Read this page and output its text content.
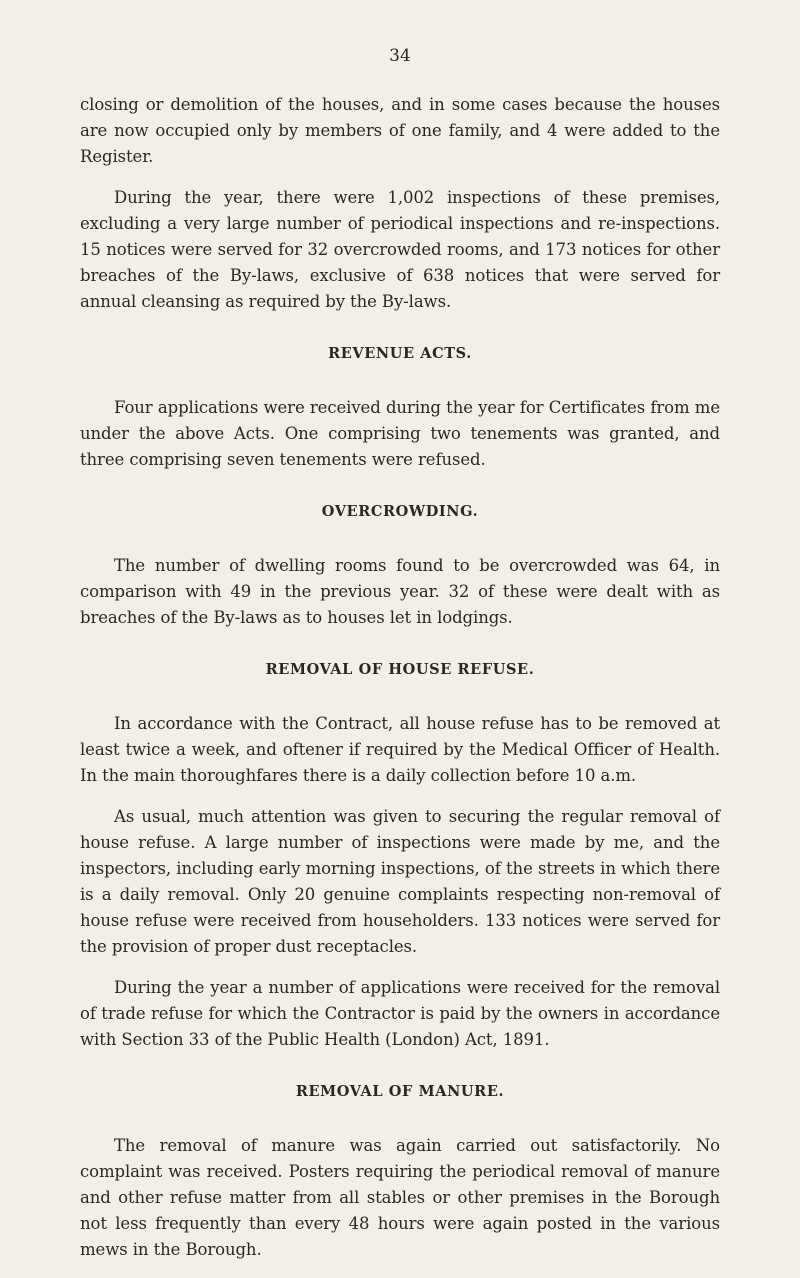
34

closing or demolition of the houses, and in some cases because the houses are now occupied only by members of one family, and 4 were added to the Register.

During the year, there were 1,002 inspections of these premises, excluding a very large number of periodical inspections and re-inspections. 15 notices were served for 32 overcrowded rooms, and 173 notices for other breaches of the By-laws, exclusive of 638 notices that were served for annual cleansing as required by the By-laws.

REVENUE ACTS.

Four applications were received during the year for Certificates from me under the above Acts. One comprising two tenements was granted, and three comprising seven tenements were refused.

OVERCROWDING.

The number of dwelling rooms found to be overcrowded was 64, in comparison with 49 in the previous year. 32 of these were dealt with as breaches of the By-laws as to houses let in lodgings.

REMOVAL OF HOUSE REFUSE.

In accordance with the Contract, all house refuse has to be removed at least twice a week, and oftener if required by the Medical Officer of Health. In the main thoroughfares there is a daily collection before 10 a.m.

As usual, much attention was given to securing the regular removal of house refuse. A large number of inspections were made by me, and the inspectors, including early morning inspections, of the streets in which there is a daily removal. Only 20 genuine complaints respecting non-removal of house refuse were received from householders. 133 notices were served for the provision of proper dust receptacles.

During the year a number of applications were received for the removal of trade refuse for which the Contractor is paid by the owners in accordance with Section 33 of the Public Health (London) Act, 1891.

REMOVAL OF MANURE.

The removal of manure was again carried out satisfactorily. No complaint was received. Posters requiring the periodical removal of manure and other refuse matter from all stables or other premises in the Borough not less frequently than every 48 hours were again posted in the various mews in the Borough.
